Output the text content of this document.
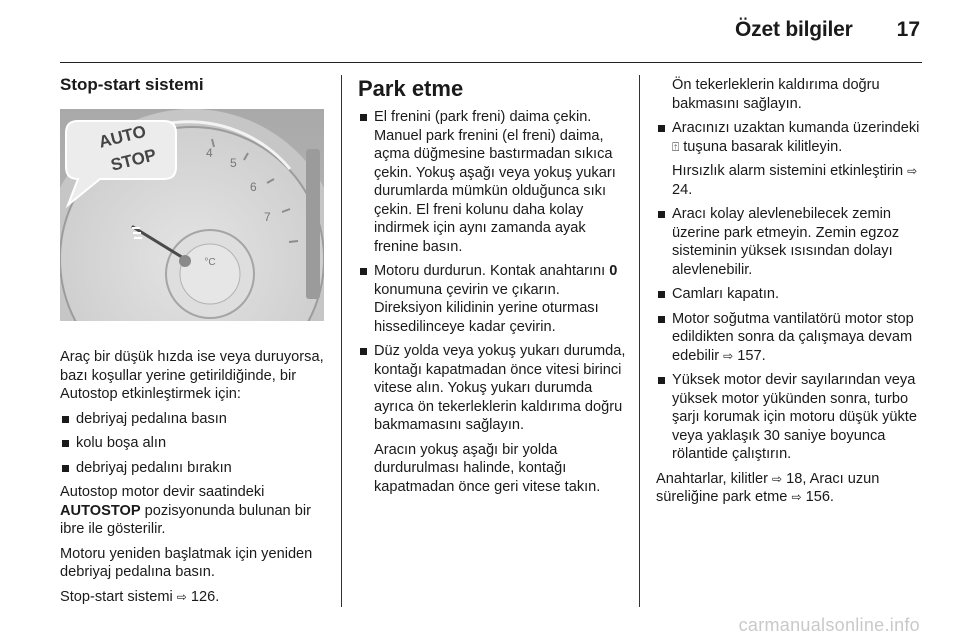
Özet bilgiler 17
Stop-start sistemi
°C
4
5
6
7
AUTO
STOP

Araç bir düşük hızda ise veya duruyorsa, bazı koşullar yerine getirildiğinde, bir Autostop etkinleştirmek için:

debriyaj pedalına basın
kolu boşa alın
debriyaj pedalını bırakın

Autostop motor devir saatindeki AUTOSTOP pozisyonunda bulunan bir ibre ile gösterilir.

Motoru yeniden başlatmak için yeniden debriyaj pedalına basın.

Stop-start sistemi ⇨ 126.

Park etme
El frenini (park freni) daima çekin. Manuel park frenini (el freni) daima, açma düğmesine bastırmadan sıkıca çekin. Yokuş aşağı veya yokuş yukarı durumlarda mümkün olduğunca sıkı çekin. El freni kolunu daha kolay indirmek için aynı zamanda ayak frenine basın.
Motoru durdurun. Kontak anahtarını 0 konumuna çevirin ve çıkarın. Direksiyon kilidinin yerine oturması hissedilinceye kadar çevirin.
Düz yolda veya yokuş yukarı durumda, kontağı kapatmadan önce vitesi birinci vitese alın. Yokuş yukarı durumda ayrıca ön tekerleklerin kaldırıma doğru bakmamasını sağlayın.
Aracın yokuş aşağı bir yolda durdurulması halinde, kontağı kapatmadan önce geri vitese takın.
Ön tekerleklerin kaldırıma doğru bakmasını sağlayın.
Aracınızı uzaktan kumanda üzerindeki ⍐ tuşuna basarak kilitleyin.
Hırsızlık alarm sistemini etkinleştirin ⇨ 24.
Aracı kolay alevlenebilecek zemin üzerine park etmeyin. Zemin egzoz sisteminin yüksek ısısından dolayı alevlenebilir.
Camları kapatın.
Motor soğutma vantilatörü motor stop edildikten sonra da çalışmaya devam edebilir ⇨ 157.
Yüksek motor devir sayılarından veya yüksek motor yükünden sonra, turbo şarjı korumak için motoru düşük yükte veya yaklaşık 30 saniye boyunca rölantide çalıştırın.

Anahtarlar, kilitler ⇨ 18, Aracı uzun süreliğine park etme ⇨ 156.

carmanualsonline.info
